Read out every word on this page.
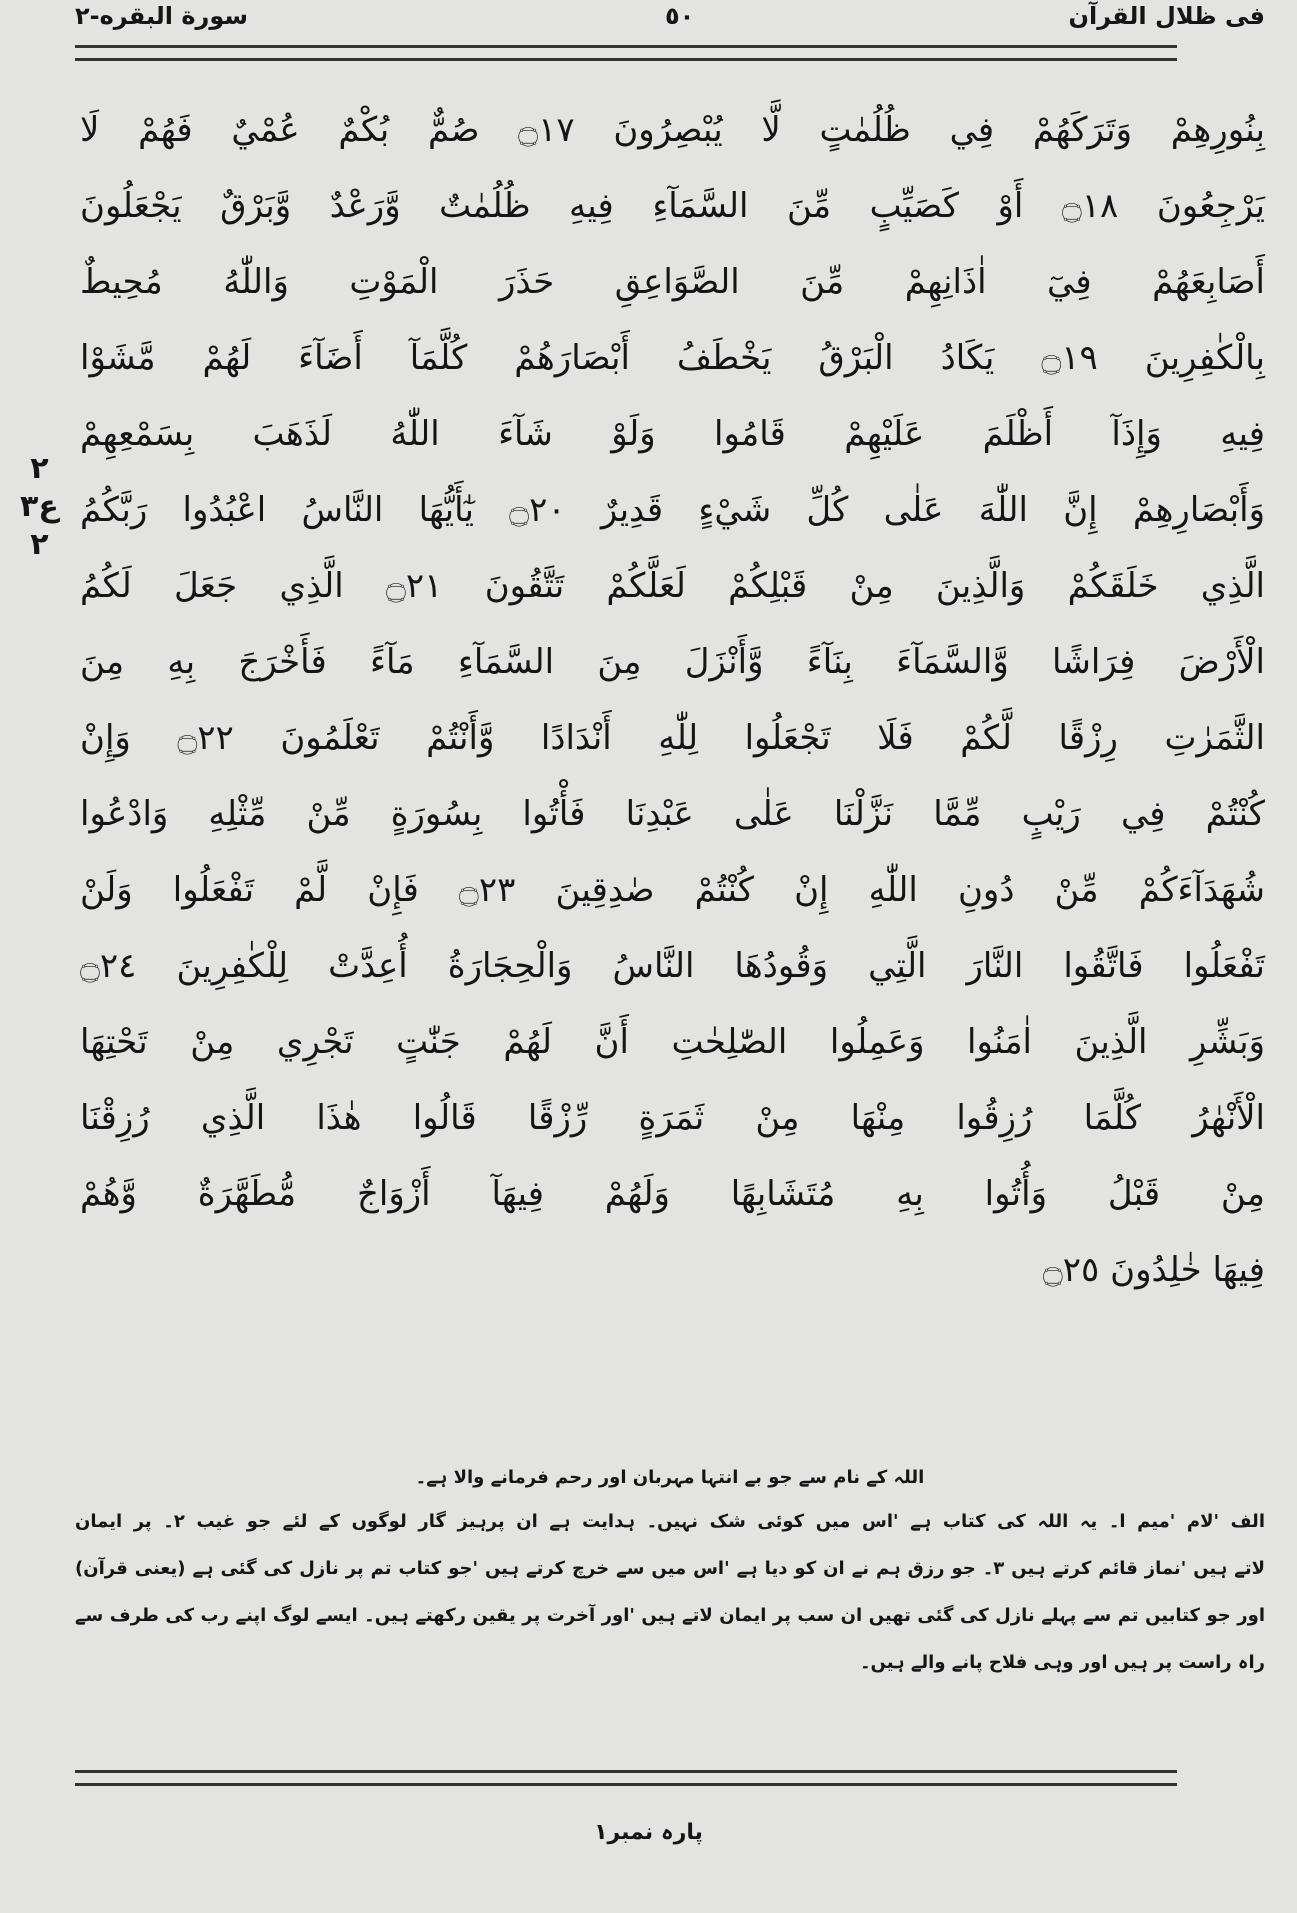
فی ظلال القرآن
٥٠
سورة البقره-٢
٢
ع٣
٢
بِنُورِهِمْ وَتَرَكَهُمْ فِي ظُلُمٰتٍ لَّا يُبْصِرُونَ ۝١٧ صُمٌّ بُكْمٌ عُمْيٌ فَهُمْ لَا
يَرْجِعُونَ ۝١٨ أَوْ كَصَيِّبٍ مِّنَ السَّمَآءِ فِيهِ ظُلُمٰتٌ وَّرَعْدٌ وَّبَرْقٌ يَجْعَلُونَ
أَصَابِعَهُمْ فِيٓ اٰذَانِهِمْ مِّنَ الصَّوَاعِقِ حَذَرَ الْمَوْتِ وَاللّٰهُ مُحِيطٌ
بِالْكٰفِرِينَ ۝١٩ يَكَادُ الْبَرْقُ يَخْطَفُ أَبْصَارَهُمْ كُلَّمَآ أَضَآءَ لَهُمْ مَّشَوْا
فِيهِ وَإِذَآ أَظْلَمَ عَلَيْهِمْ قَامُوا وَلَوْ شَآءَ اللّٰهُ لَذَهَبَ بِسَمْعِهِمْ
وَأَبْصَارِهِمْ إِنَّ اللّٰهَ عَلٰى كُلِّ شَيْءٍ قَدِيرٌ ۝٢٠ يٰٓأَيُّهَا النَّاسُ اعْبُدُوا رَبَّكُمُ
الَّذِي خَلَقَكُمْ وَالَّذِينَ مِنْ قَبْلِكُمْ لَعَلَّكُمْ تَتَّقُونَ ۝٢١ الَّذِي جَعَلَ لَكُمُ
الْأَرْضَ فِرَاشًا وَّالسَّمَآءَ بِنَآءً وَّأَنْزَلَ مِنَ السَّمَآءِ مَآءً فَأَخْرَجَ بِهِ مِنَ
الثَّمَرٰتِ رِزْقًا لَّكُمْ فَلَا تَجْعَلُوا لِلّٰهِ أَنْدَادًا وَّأَنْتُمْ تَعْلَمُونَ ۝٢٢ وَإِنْ
كُنْتُمْ فِي رَيْبٍ مِّمَّا نَزَّلْنَا عَلٰى عَبْدِنَا فَأْتُوا بِسُورَةٍ مِّنْ مِّثْلِهِ وَادْعُوا
شُهَدَآءَكُمْ مِّنْ دُونِ اللّٰهِ إِنْ كُنْتُمْ صٰدِقِينَ ۝٢٣ فَإِنْ لَّمْ تَفْعَلُوا وَلَنْ
تَفْعَلُوا فَاتَّقُوا النَّارَ الَّتِي وَقُودُهَا النَّاسُ وَالْحِجَارَةُ أُعِدَّتْ لِلْكٰفِرِينَ ۝٢٤
وَبَشِّرِ الَّذِينَ اٰمَنُوا وَعَمِلُوا الصّٰلِحٰتِ أَنَّ لَهُمْ جَنّٰتٍ تَجْرِي مِنْ تَحْتِهَا
الْأَنْهٰرُ كُلَّمَا رُزِقُوا مِنْهَا مِنْ ثَمَرَةٍ رِّزْقًا قَالُوا هٰذَا الَّذِي رُزِقْنَا
مِنْ قَبْلُ وَأُتُوا بِهِ مُتَشَابِهًا وَلَهُمْ فِيهَآ أَزْوَاجٌ مُّطَهَّرَةٌ وَّهُمْ
فِيهَا خٰلِدُونَ ۝٢٥
اللہ کے نام سے جو بے انتہا مہربان اور رحم فرمانے والا ہے۔
الف 'لام 'میم ا۔ یہ اللہ کی کتاب ہے 'اس میں کوئی شک نہیں۔ ہدایت ہے ان پرہیز گار لوگوں کے لئے جو غیب ۲۔ پر ایمان
لاتے ہیں 'نماز قائم کرتے ہیں ۳۔ جو رزق ہم نے ان کو دیا ہے 'اس میں سے خرچ کرتے ہیں 'جو کتاب تم پر نازل کی گئی ہے (یعنی قرآن)
اور جو کتابیں تم سے پہلے نازل کی گئی تھیں ان سب پر ایمان لاتے ہیں 'اور آخرت پر یقین رکھتے ہیں۔ ایسے لوگ اپنے رب کی طرف سے
راہ راست پر ہیں اور وہی فلاح پانے والے ہیں۔
پارہ نمبر۱
